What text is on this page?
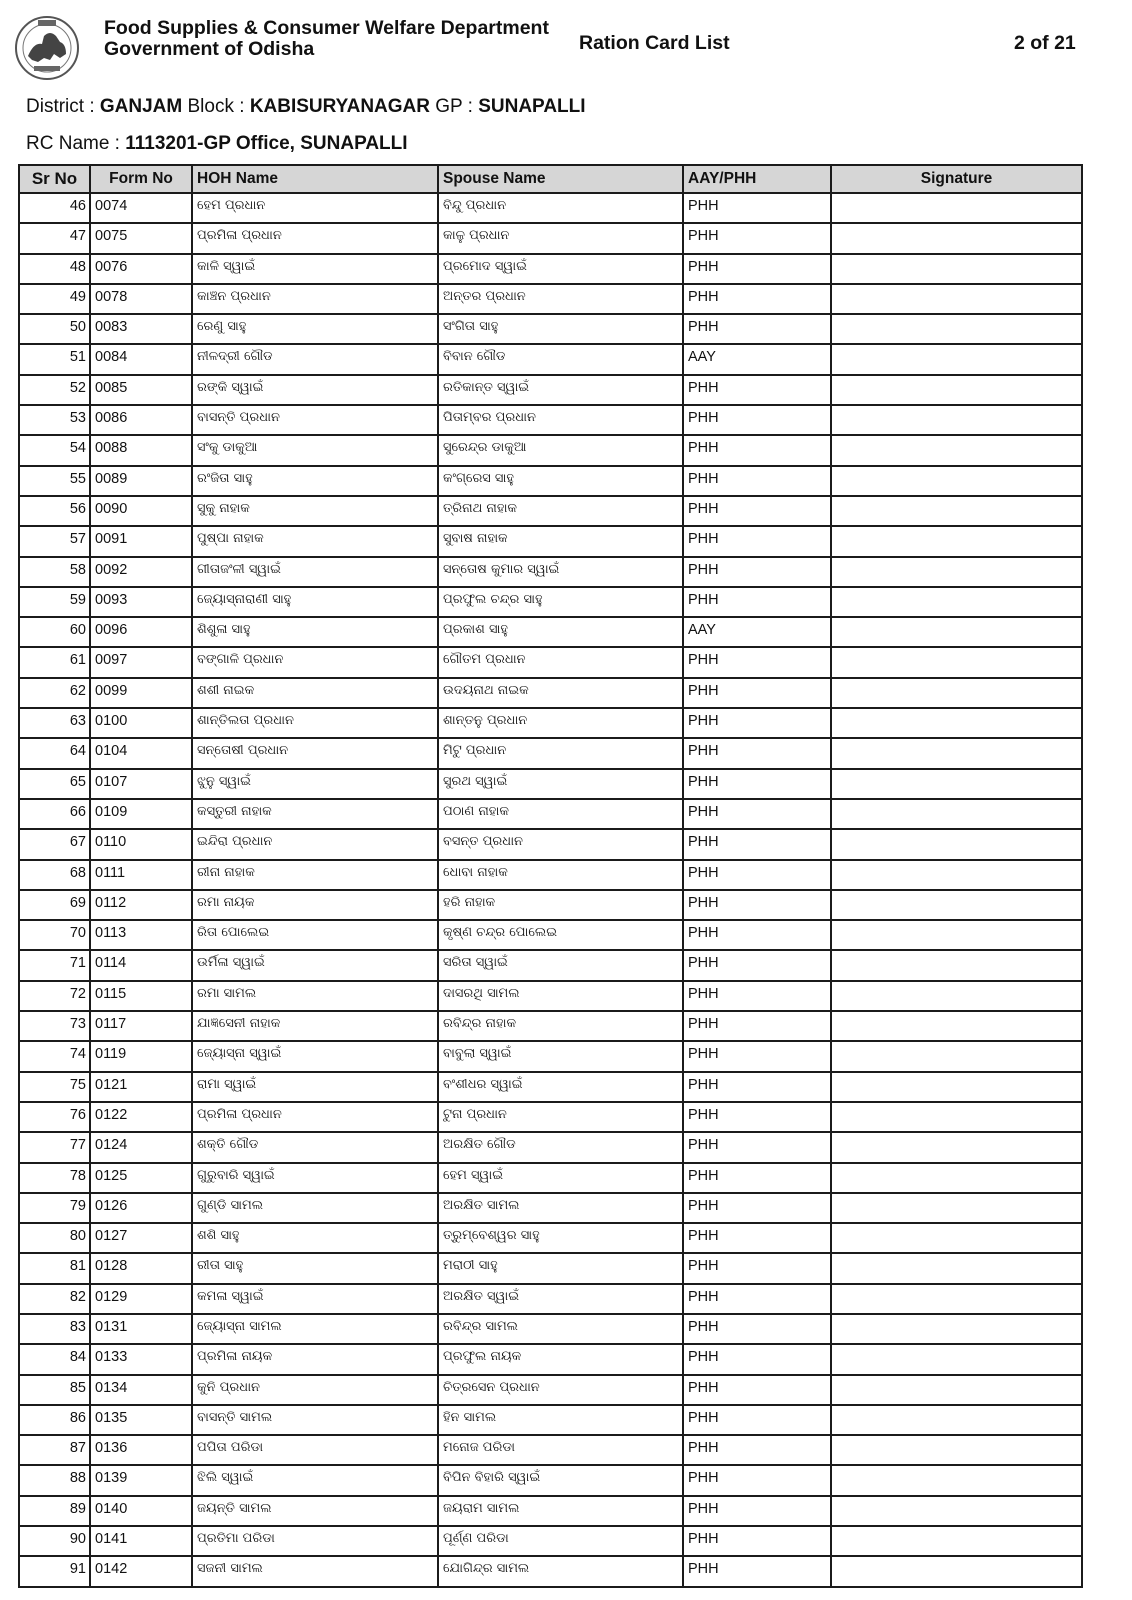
Food Supplies & Consumer Welfare Department
Government of Odisha	Ration Card List	2 of 21
District : GANJAM Block : KABISURYANAGAR GP : SUNAPALLI
RC Name : 1113201-GP Office, SUNAPALLI
Sr No	Form No	HOH Name	Spouse Name	AAY/PHH	Signature
46	0074	ହେମ ପ୍ରଧାନ	ବିନ୍ଦୁ ପ୍ରଧାନ	PHH	
47	0075	ପ୍ରମିଳା ପ୍ରଧାନ	କାଳୁ ପ୍ରଧାନ	PHH	
48	0076	କାଳି ସ୍ୱାଇଁ	ପ୍ରମୋଦ ସ୍ୱାଇଁ	PHH	
49	0078	କାଞ୍ଚନ ପ୍ରଧାନ	ଅନ୍ତର ପ୍ରଧାନ	PHH	
50	0083	ରେଣୁ ସାହୁ	ସଂଗିତା ସାହୁ	PHH	
51	0084	ନୀଳଦ୍ରୀ ଗୌଡ	ବିବାନ ଗୌଡ	AAY	
52	0085	ରଙ୍କି ସ୍ୱାଇଁ	ରତିକାନ୍ତ ସ୍ୱାଇଁ	PHH	
53	0086	ବାସନ୍ତି ପ୍ରଧାନ	ପିତାମ୍ବର ପ୍ରଧାନ	PHH	
54	0088	ସଂକୁ ଡାକୁଆ	ସୁରେନ୍ଦ୍ର ଡାକୁଆ	PHH	
55	0089	ରଂଜିତା ସାହୁ	କଂଗ୍ରେସ ସାହୁ	PHH	
56	0090	ସୁକୁ ନାହାକ	ତ୍ରିନାଥ ନାହାକ	PHH	
57	0091	ପୁଷ୍ପା ନାହାକ	ସୁବାଷ ନାହାକ	PHH	
58	0092	ଗୀତାଜଂଳୀ ସ୍ୱାଇଁ	ସନ୍ତୋଷ କୁମାର ସ୍ୱାଇଁ	PHH	
59	0093	ଜ୍ୟୋସ୍ନାରାଣୀ ସାହୁ	ପ୍ରଫୁଲ ଚନ୍ଦ୍ର ସାହୁ	PHH	
60	0096	ଶିଶୁଳା ସାହୁ	ପ୍ରକାଶ ସାହୁ	AAY	
61	0097	ବଙ୍ଗାଳି ପ୍ରଧାନ	ଗୌତମ ପ୍ରଧାନ	PHH	
62	0099	ଶଶୀ ନାଇକ	ଉଦୟନାଥ ନାଇକ	PHH	
63	0100	ଶାନ୍ତିଲତା ପ୍ରଧାନ	ଶାନ୍ତନୁ ପ୍ରଧାନ	PHH	
64	0104	ସନ୍ତୋଷୀ ପ୍ରଧାନ	ମିଟୁ ପ୍ରଧାନ	PHH	
65	0107	ଝୁନୁ ସ୍ୱାଇଁ	ସୁରଥ ସ୍ୱାଇଁ	PHH	
66	0109	କସ୍ତୁରୀ ନାହାକ	ପଠାଣ ନାହାକ	PHH	
67	0110	ଇନ୍ଦିରା ପ୍ରଧାନ	ବସନ୍ତ ପ୍ରଧାନ	PHH	
68	0111	ରୀନା ନାହାକ	ଧୋବା ନାହାକ	PHH	
69	0112	ରମା ନାୟକ	ହରି ନାହାକ	PHH	
70	0113	ରିତା ପୋଲେଇ	କୃଷ୍ଣ ଚନ୍ଦ୍ର ପୋଲେଇ	PHH	
71	0114	ଉର୍ମିଳା ସ୍ୱାଇଁ	ସରିତା ସ୍ୱାଇଁ	PHH	
72	0115	ରମା ସାମଲ	ଦାସରଥି ସାମଲ	PHH	
73	0117	ଯାଜ୍ଞସେନୀ ନାହାକ	ରବିନ୍ଦ୍ର ନାହାକ	PHH	
74	0119	ଜ୍ୟୋସ୍ନା ସ୍ୱାଇଁ	ବାବୁଲା ସ୍ୱାଇଁ	PHH	
75	0121	ରାମା ସ୍ୱାଇଁ	ବଂଶୀଧର ସ୍ୱାଇଁ	PHH	
76	0122	ପ୍ରମିଳା ପ୍ରଧାନ	ଟୁନା ପ୍ରଧାନ	PHH	
77	0124	ଶକ୍ତି ଗୌଡ	ଅରକ୍ଷିତ ଗୌଡ	PHH	
78	0125	ଗୁରୁବାରି ସ୍ୱାଇଁ	ହେମ ସ୍ୱାଇଁ	PHH	
79	0126	ଗୁଣ୍ଡି ସାମଲ	ଅରକ୍ଷିତ ସାମଲ	PHH	
80	0127	ଶଶି ସାହୁ	ତ୍ରୁମ୍ବେଶ୍ୱର ସାହୁ	PHH	
81	0128	ରୀତା ସାହୁ	ମରାଠୀ ସାହୁ	PHH	
82	0129	କମଳା ସ୍ୱାଇଁ	ଅରକ୍ଷିତ ସ୍ୱାଇଁ	PHH	
83	0131	ଜ୍ୟୋସ୍ନା ସାମଲ	ରବିନ୍ଦ୍ର ସାମଲ	PHH	
84	0133	ପ୍ରମିଳା ନାୟକ	ପ୍ରଫୁଲ ନାୟକ	PHH	
85	0134	କୁନି ପ୍ରଧାନ	ଚିତ୍ରସେନ ପ୍ରଧାନ	PHH	
86	0135	ବାସନ୍ତି ସାମଲ	ହିନ ସାମଲ	PHH	
87	0136	ପପିତା ପରିଡା	ମନୋଜ ପରିଡା	PHH	
88	0139	ଝିଲି ସ୍ୱାଇଁ	ବିପିନ ବିହାରି ସ୍ୱାଇଁ	PHH	
89	0140	ଜୟନ୍ତି ସାମଲ	ଜୟରାମ ସାମଲ	PHH	
90	0141	ପ୍ରତିମା ପରିଡା	ପୂର୍ଣ୍ଣ ପରିଡା	PHH	
91	0142	ସଜନୀ ସାମଲ	ଯୋଗିନ୍ଦ୍ର ସାମଲ	PHH	
